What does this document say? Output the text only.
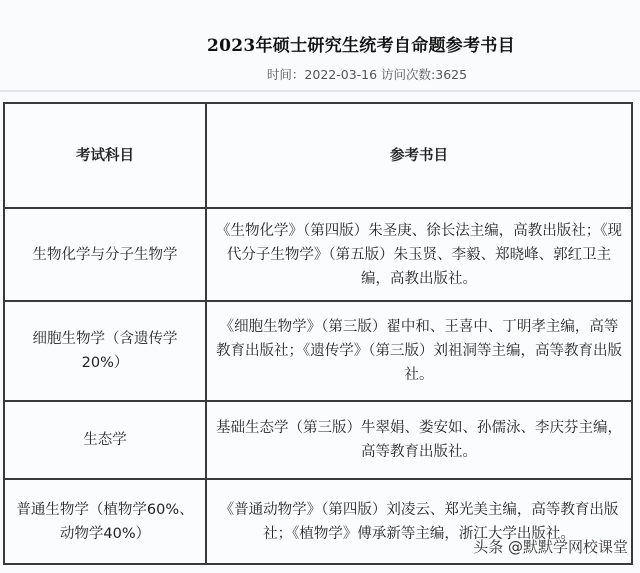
2023年硕士研究生统考自命题参考书目
时间：2022-03-16 访问次数:3625
考试科目	参考书目
生物化学与分子生物学	《生物化学》（第四版）朱圣庚、徐长法主编，高教出版社；《现代分子生物学》（第五版）朱玉贤、李毅、郑晓峰、郭红卫主编，高教出版社。
细胞生物学（含遗传学20%）	《细胞生物学》（第三版）翟中和、王喜中、丁明孝主编，高等教育出版社；《遗传学》（第三版）刘祖洞等主编，高等教育出版社。
生态学	基础生态学（第三版）牛翠娟、娄安如、孙儒泳、李庆芬主编，高等教育出版社。
普通生物学（植物学60%、动物学40%）	《普通动物学》（第四版）刘凌云、郑光美主编，高等教育出版社；《植物学》傅承新等主编，浙江大学出版社。
头条 @默默学网校课堂
